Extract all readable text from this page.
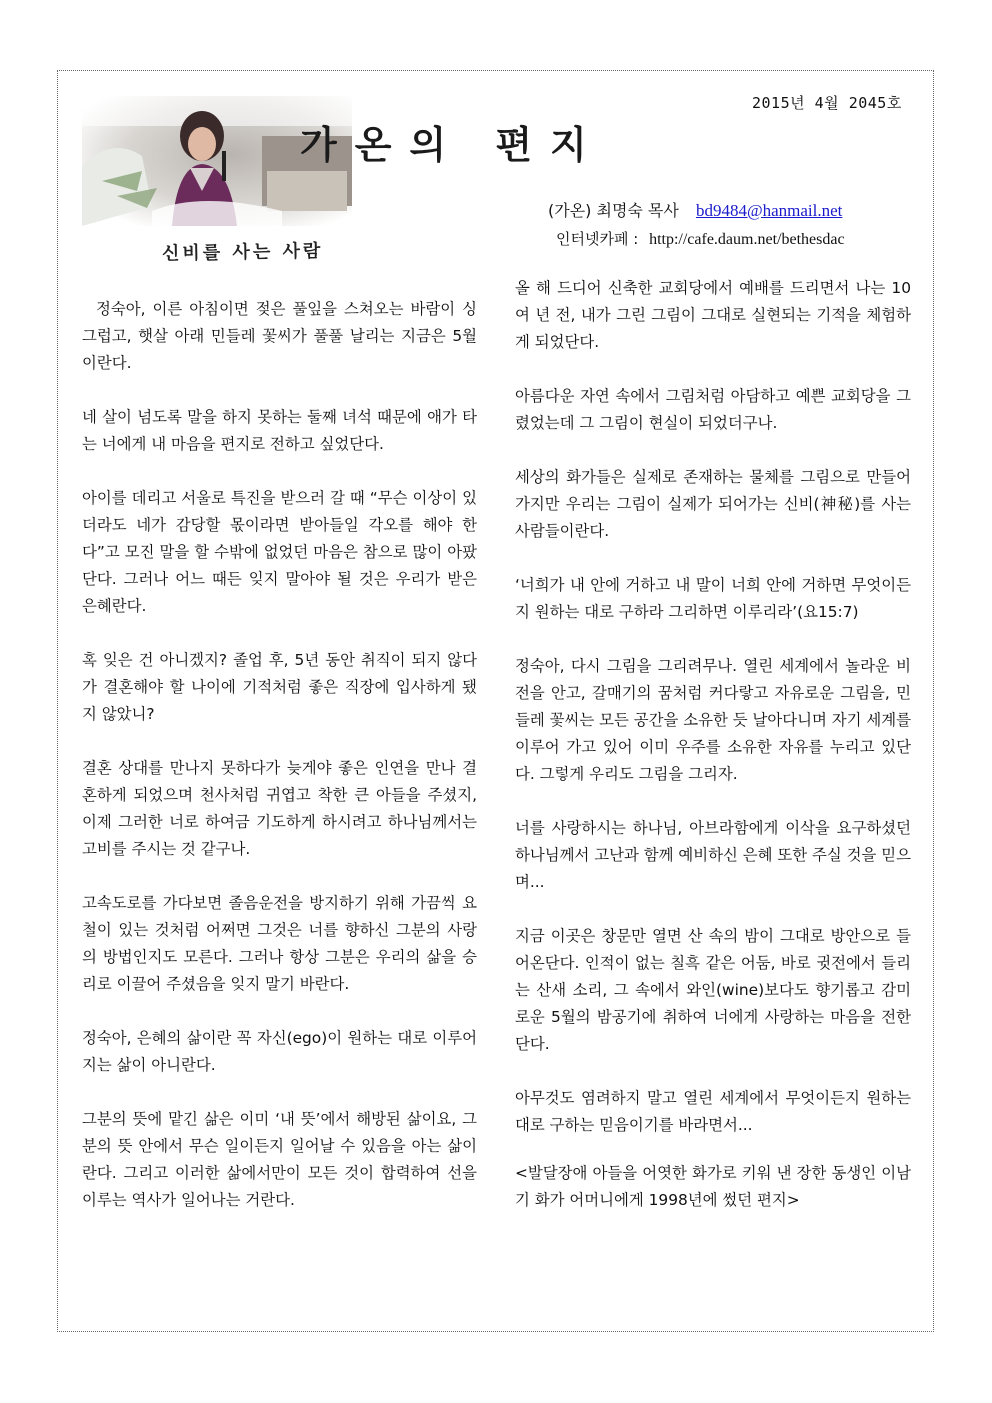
2015년 4월 2045호
가온의 편지
(가온) 최명숙 목사 bd9484@hanmail.net
인터넷카페 : http://cafe.daum.net/bethesdac
신비를 사는 사람

정숙아, 이른 아침이면 젖은 풀잎을 스쳐오는 바람이 싱그럽고, 햇살 아래 민들레 꽃씨가 풀풀 날리는 지금은 5월이란다.

네 살이 넘도록 말을 하지 못하는 둘째 녀석 때문에 애가 타는 너에게 내 마음을 편지로 전하고 싶었단다.

아이를 데리고 서울로 특진을 받으러 갈 때 “무슨 이상이 있더라도 네가 감당할 몫이라면 받아들일 각오를 해야 한다”고 모진 말을 할 수밖에 없었던 마음은 참으로 많이 아팠단다. 그러나 어느 때든 잊지 말아야 될 것은 우리가 받은 은혜란다.

혹 잊은 건 아니겠지? 졸업 후, 5년 동안 취직이 되지 않다가 결혼해야 할 나이에 기적처럼 좋은 직장에 입사하게 됐지 않았니?

결혼 상대를 만나지 못하다가 늦게야 좋은 인연을 만나 결혼하게 되었으며 천사처럼 귀엽고 착한 큰 아들을 주셨지, 이제 그러한 너로 하여금 기도하게 하시려고 하나님께서는 고비를 주시는 것 같구나.

고속도로를 가다보면 졸음운전을 방지하기 위해 가끔씩 요철이 있는 것처럼 어쩌면 그것은 너를 향하신 그분의 사랑의 방법인지도 모른다. 그러나 항상 그분은 우리의 삶을 승리로 이끌어 주셨음을 잊지 말기 바란다.

정숙아, 은혜의 삶이란 꼭 자신(ego)이 원하는 대로 이루어지는 삶이 아니란다.

그분의 뜻에 맡긴 삶은 이미 ‘내 뜻’에서 해방된 삶이요, 그분의 뜻 안에서 무슨 일이든지 일어날 수 있음을 아는 삶이란다. 그리고 이러한 삶에서만이 모든 것이 합력하여 선을 이루는 역사가 일어나는 거란다.

올 해 드디어 신축한 교회당에서 예배를 드리면서 나는 10여 년 전, 내가 그린 그림이 그대로 실현되는 기적을 체험하게 되었단다.

아름다운 자연 속에서 그림처럼 아담하고 예쁜 교회당을 그렸었는데 그 그림이 현실이 되었더구나.

세상의 화가들은 실제로 존재하는 물체를 그림으로 만들어 가지만 우리는 그림이 실제가 되어가는 신비(神秘)를 사는 사람들이란다.

‘너희가 내 안에 거하고 내 말이 너희 안에 거하면 무엇이든지 원하는 대로 구하라 그리하면 이루리라’(요15:7)

정숙아, 다시 그림을 그리려무나. 열린 세계에서 놀라운 비전을 안고, 갈매기의 꿈처럼 커다랗고 자유로운 그림을, 민들레 꽃씨는 모든 공간을 소유한 듯 날아다니며 자기 세계를 이루어 가고 있어 이미 우주를 소유한 자유를 누리고 있단다. 그렇게 우리도 그림을 그리자.

너를 사랑하시는 하나님, 아브라함에게 이삭을 요구하셨던 하나님께서 고난과 함께 예비하신 은혜 또한 주실 것을 믿으며...

지금 이곳은 창문만 열면 산 속의 밤이 그대로 방안으로 들어온단다. 인적이 없는 칠흑 같은 어둠, 바로 귓전에서 들리는 산새 소리, 그 속에서 와인(wine)보다도 향기롭고 감미로운 5월의 밤공기에 취하여 너에게 사랑하는 마음을 전한단다.

아무것도 염려하지 말고 열린 세계에서 무엇이든지 원하는 대로 구하는 믿음이기를 바라면서...

<발달장애 아들을 어엿한 화가로 키워 낸 장한 동생인 이남기 화가 어머니에게 1998년에 썼던 편지>
